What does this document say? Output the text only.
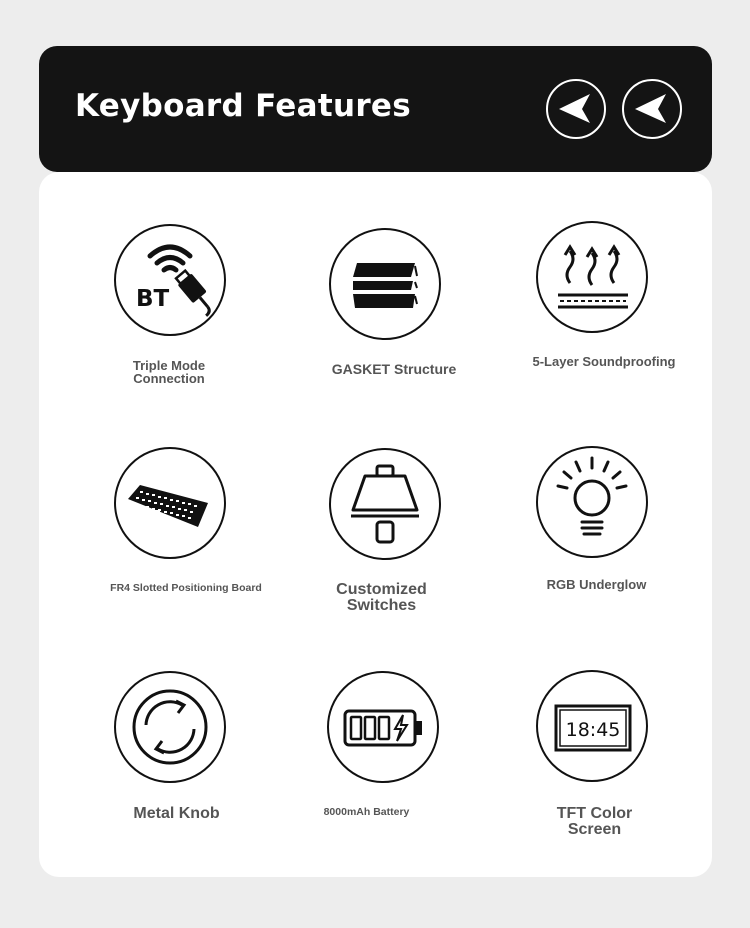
Keyboard Features
BT
Triple Mode
Connection
GASKET Structure	5-Layer Soundproofing
FR4 Slotted Positioning Board	Customized
Switches
RGB Underglow
Metal Knob	8000mAh Battery
18:45
TFT Color
Screen
